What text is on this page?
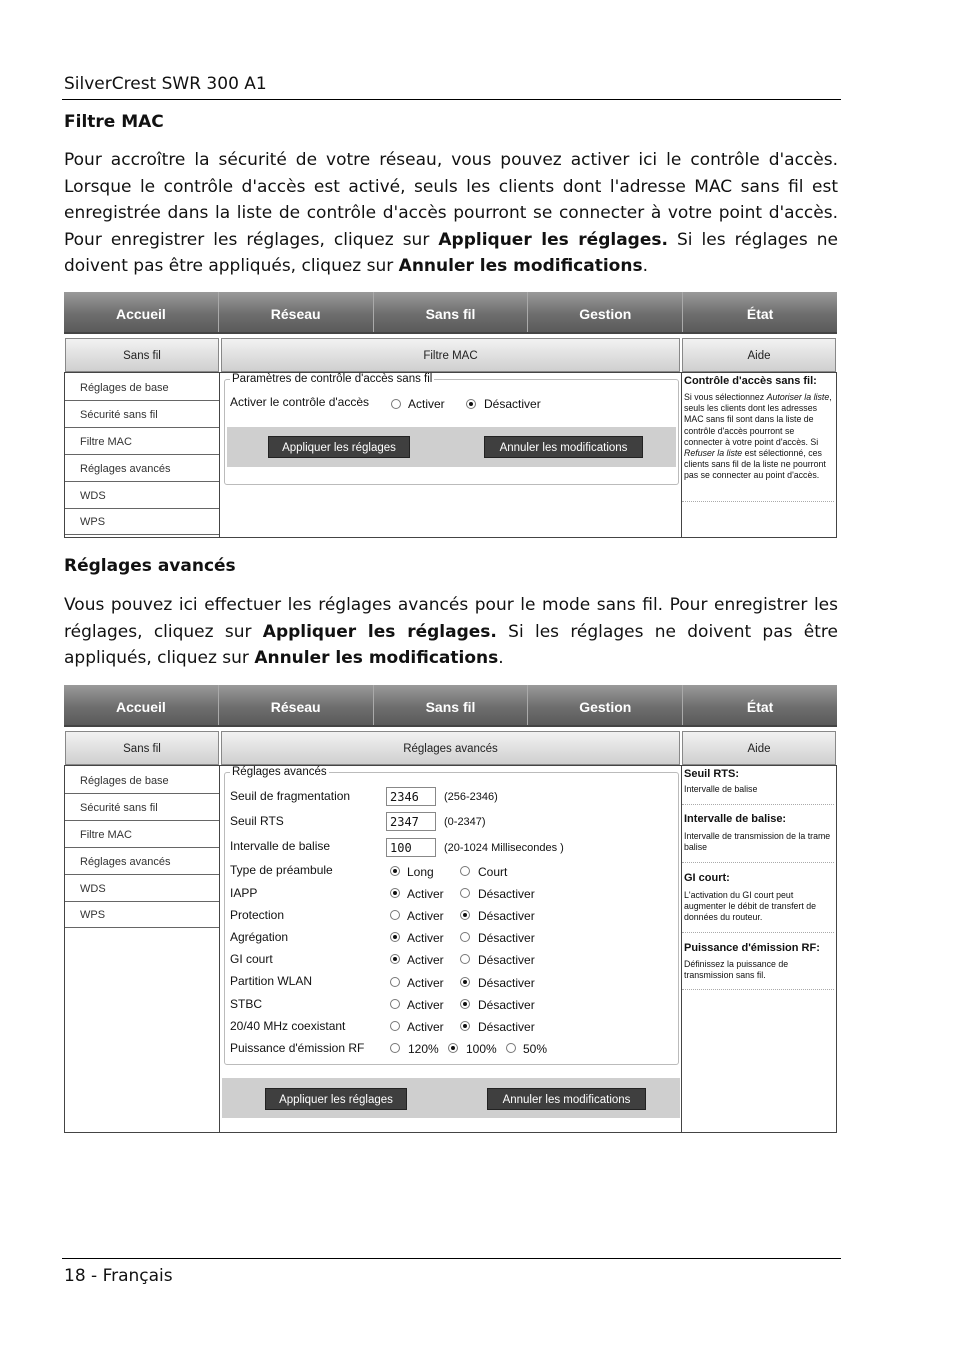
SilverCrest SWR 300 A1
Filtre MAC
Pour accroître la sécurité de votre réseau, vous pouvez activer ici le contrôle d'accès. Lorsque le contrôle d'accès est activé, seuls les clients dont l'adresse MAC sans fil est enregistrée dans la liste de contrôle d'accès pourront se connecter à votre point d'accès. Pour enregistrer les réglages, cliquez sur Appliquer les réglages. Si les réglages ne doivent pas être appliqués, cliquez sur Annuler les modifications.
Accueil	Réseau	Sans fil	Gestion	État
Sans fil	Filtre MAC	Aide
Réglages de base
Sécurité sans fil
Filtre MAC
Réglages avancés
WDS
WPS
Paramètres de contrôle d'accès sans fil
Activer le contrôle d'accès	Activer	Désactiver
Appliquer les réglages	Annuler les modifications
Contrôle d'accès sans fil:
Si vous sélectionnez Autoriser la liste, seuls les clients dont les adresses MAC sans fil sont dans la liste de contrôle d'accès pourront se connecter à votre point d'accès. Si Refuser la liste est sélectionné, ces clients sans fil de la liste ne pourront pas se connecter au point d'accès.
Réglages avancés
Vous pouvez ici effectuer les réglages avancés pour le mode sans fil. Pour enregistrer les réglages, cliquez sur Appliquer les réglages. Si les réglages ne doivent pas être appliqués, cliquez sur Annuler les modifications.
Accueil	Réseau	Sans fil	Gestion	État
Sans fil	Réglages avancés	Aide
Réglages de base
Sécurité sans fil
Filtre MAC
Réglages avancés
WDS
WPS
Réglages avancés
Seuil de fragmentation	2346	(256-2346)
Seuil RTS	2347	(0-2347)
Intervalle de balise	100	(20-1024 Millisecondes )
Type de préambule	Long	Court
IAPP	Activer	Désactiver
Protection	Activer	Désactiver
Agrégation	Activer	Désactiver
GI court	Activer	Désactiver
Partition WLAN	Activer	Désactiver
STBC	Activer	Désactiver
20/40 MHz coexistant	Activer	Désactiver
Puissance d'émission RF	120% 100% 50%
Appliquer les réglages	Annuler les modifications
Seuil RTS:
Intervalle de balise
Intervalle de balise:
Intervalle de transmission de la trame balise
GI court:
L'activation du GI court peut augmenter le débit de transfert de données du routeur.
Puissance d'émission RF:
Définissez la puissance de transmission sans fil.
18 - Français
